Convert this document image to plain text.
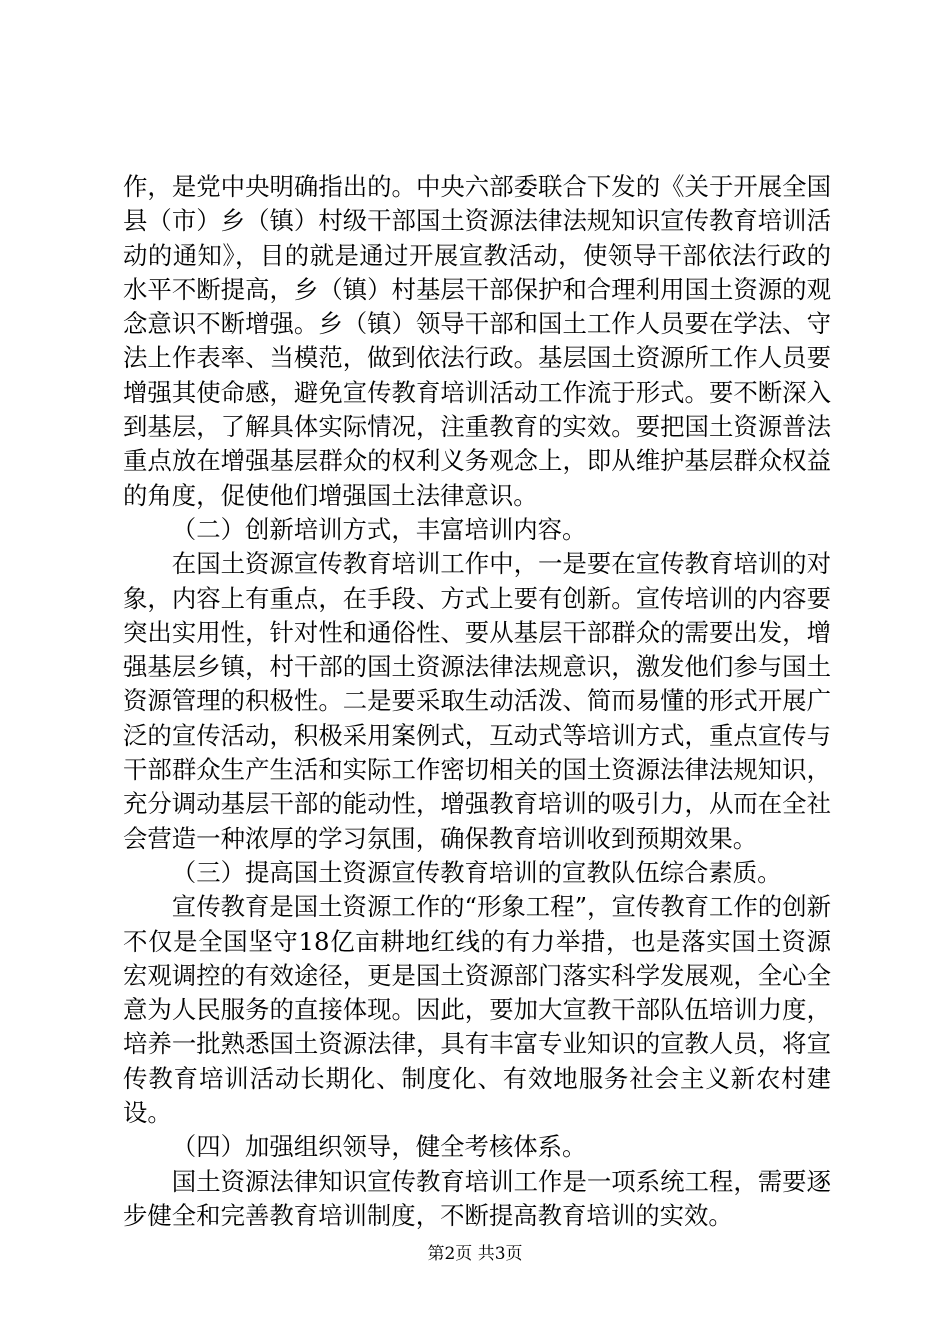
作，是党中央明确指出的。中央六部委联合下发的《关于开展全国县（市）乡（镇）村级干部国土资源法律法规知识宣传教育培训活动的通知》，目的就是通过开展宣教活动，使领导干部依法行政的水平不断提高，乡（镇）村基层干部保护和合理利用国土资源的观念意识不断增强。乡（镇）领导干部和国土工作人员要在学法、守法上作表率、当模范，做到依法行政。基层国土资源所工作人员要增强其使命感，避免宣传教育培训活动工作流于形式。要不断深入到基层，了解具体实际情况，注重教育的实效。要把国土资源普法重点放在增强基层群众的权利义务观念上，即从维护基层群众权益的角度，促使他们增强国土法律意识。

（二）创新培训方式，丰富培训内容。

在国土资源宣传教育培训工作中，一是要在宣传教育培训的对象，内容上有重点，在手段、方式上要有创新。宣传培训的内容要突出实用性，针对性和通俗性、要从基层干部群众的需要出发，增强基层乡镇，村干部的国土资源法律法规意识，激发他们参与国土资源管理的积极性。二是要采取生动活泼、简而易懂的形式开展广泛的宣传活动，积极采用案例式，互动式等培训方式，重点宣传与干部群众生产生活和实际工作密切相关的国土资源法律法规知识，充分调动基层干部的能动性，增强教育培训的吸引力，从而在全社会营造一种浓厚的学习氛围，确保教育培训收到预期效果。

（三）提高国土资源宣传教育培训的宣教队伍综合素质。

宣传教育是国土资源工作的“形象工程”，宣传教育工作的创新不仅是全国坚守18亿亩耕地红线的有力举措，也是落实国土资源宏观调控的有效途径，更是国土资源部门落实科学发展观，全心全意为人民服务的直接体现。因此，要加大宣教干部队伍培训力度，培养一批熟悉国土资源法律，具有丰富专业知识的宣教人员，将宣传教育培训活动长期化、制度化、有效地服务社会主义新农村建设。

（四）加强组织领导，健全考核体系。

国土资源法律知识宣传教育培训工作是一项系统工程，需要逐步健全和完善教育培训制度，不断提高教育培训的实效。

第2页 共3页
